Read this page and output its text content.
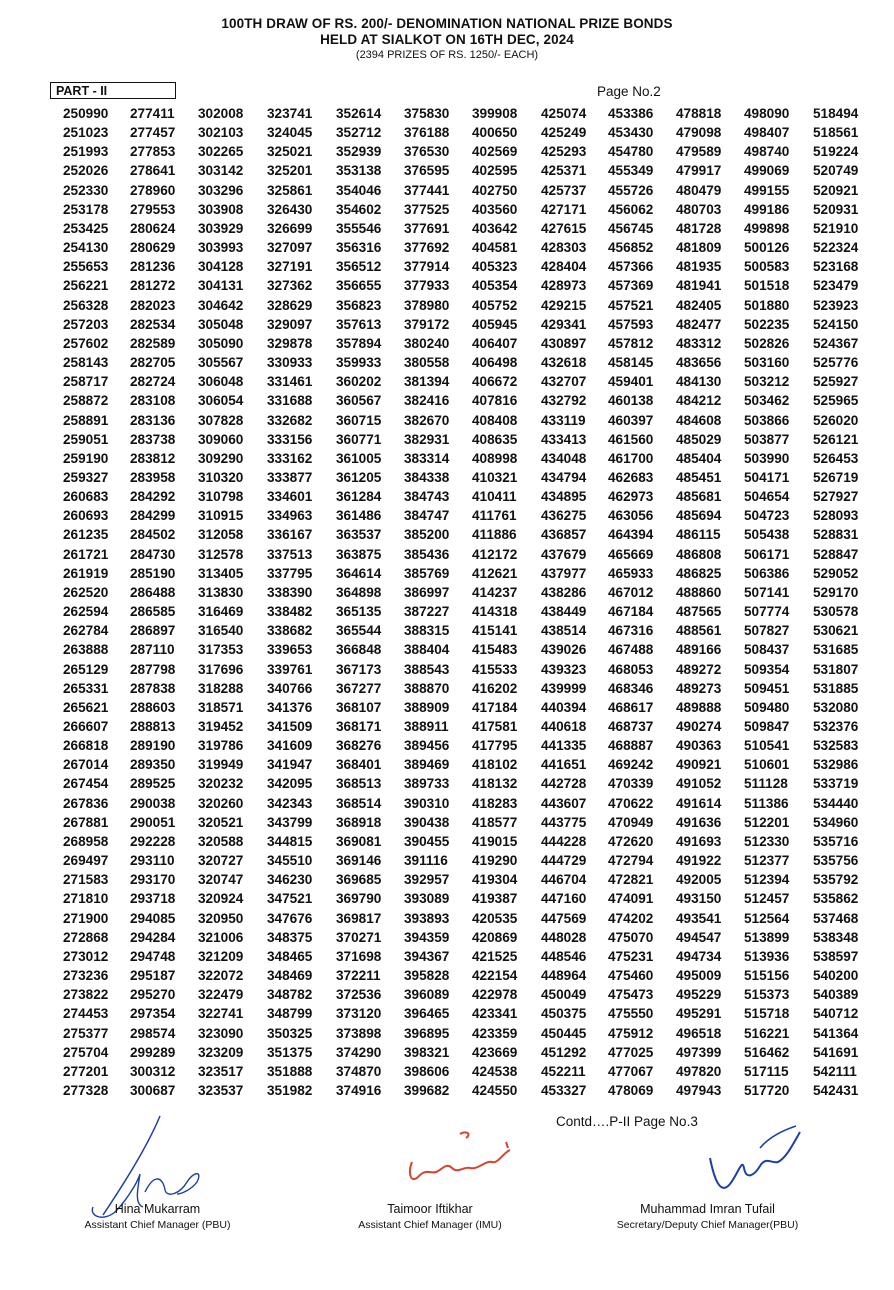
100TH DRAW OF RS. 200/- DENOMINATION NATIONAL PRIZE BONDS
HELD AT SIALKOT ON 16TH DEC, 2024
(2394 PRIZES OF RS. 1250/- EACH)
PART - II	Page No.2
250990 277411 302008 323741 352614 375830 399908 425074 453386 478818 498090 518494
251023 277457 302103 324045 352712 376188 400650 425249 453430 479098 498407 518561
251993 277853 302265 325021 352939 376530 402569 425293 454780 479589 498740 519224
252026 278641 303142 325201 353138 376595 402595 425371 455349 479917 499069 520749
252330 278960 303296 325861 354046 377441 402750 425737 455726 480479 499155 520921
253178 279553 303908 326430 354602 377525 403560 427171 456062 480703 499186 520931
253425 280624 303929 326699 355546 377691 403642 427615 456745 481728 499898 521910
254130 280629 303993 327097 356316 377692 404581 428303 456852 481809 500126 522324
255653 281236 304128 327191 356512 377914 405323 428404 457366 481935 500583 523168
256221 281272 304131 327362 356655 377933 405354 428973 457369 481941 501518 523479
256328 282023 304642 328629 356823 378980 405752 429215 457521 482405 501880 523923
257203 282534 305048 329097 357613 379172 405945 429341 457593 482477 502235 524150
257602 282589 305090 329878 357894 380240 406407 430897 457812 483312 502826 524367
258143 282705 305567 330933 359933 380558 406498 432618 458145 483656 503160 525776
258717 282724 306048 331461 360202 381394 406672 432707 459401 484130 503212 525927
258872 283108 306054 331688 360567 382416 407816 432792 460138 484212 503462 525965
258891 283136 307828 332682 360715 382670 408408 433119 460397 484608 503866 526020
259051 283738 309060 333156 360771 382931 408635 433413 461560 485029 503877 526121
259190 283812 309290 333162 361005 383314 408998 434048 461700 485404 503990 526453
259327 283958 310320 333877 361205 384338 410321 434794 462683 485451 504171 526719
260683 284292 310798 334601 361284 384743 410411 434895 462973 485681 504654 527927
260693 284299 310915 334963 361486 384747 411761 436275 463056 485694 504723 528093
261235 284502 312058 336167 363537 385200 411886 436857 464394 486115 505438 528831
261721 284730 312578 337513 363875 385436 412172 437679 465669 486808 506171 528847
261919 285190 313405 337795 364614 385769 412621 437977 465933 486825 506386 529052
262520 286488 313830 338390 364898 386997 414237 438286 467012 488860 507141 529170
262594 286585 316469 338482 365135 387227 414318 438449 467184 487565 507774 530578
262784 286897 316540 338682 365544 388315 415141 438514 467316 488561 507827 530621
263888 287110 317353 339653 366848 388404 415483 439026 467488 489166 508437 531685
265129 287798 317696 339761 367173 388543 415533 439323 468053 489272 509354 531807
265331 287838 318288 340766 367277 388870 416202 439999 468346 489273 509451 531885
265621 288603 318571 341376 368107 388909 417184 440394 468617 489888 509480 532080
266607 288813 319452 341509 368171 388911 417581 440618 468737 490274 509847 532376
266818 289190 319786 341609 368276 389456 417795 441335 468887 490363 510541 532583
267014 289350 319949 341947 368401 389469 418102 441651 469242 490921 510601 532986
267454 289525 320232 342095 368513 389733 418132 442728 470339 491052 511128 533719
267836 290038 320260 342343 368514 390310 418283 443607 470622 491614 511386 534440
267881 290051 320521 343799 368918 390438 418577 443775 470949 491636 512201 534960
268958 292228 320588 344815 369081 390455 419015 444228 472620 491693 512330 535716
269497 293110 320727 345510 369146 391116 419290 444729 472794 491922 512377 535756
271583 293170 320747 346230 369685 392957 419304 446704 472821 492005 512394 535792
271810 293718 320924 347521 369790 393089 419387 447160 474091 493150 512457 535862
271900 294085 320950 347676 369817 393893 420535 447569 474202 493541 512564 537468
272868 294284 321006 348375 370271 394359 420869 448028 475070 494547 513899 538348
273012 294748 321209 348465 371698 394367 421525 448546 475231 494734 513936 538597
273236 295187 322072 348469 372211 395828 422154 448964 475460 495009 515156 540200
273822 295270 322479 348782 372536 396089 422978 450049 475473 495229 515373 540389
274453 297354 322741 348799 373120 396465 423341 450375 475550 495291 515718 540712
275377 298574 323090 350325 373898 396895 423359 450445 475912 496518 516221 541364
275704 299289 323209 351375 374290 398321 423669 451292 477025 497399 516462 541691
277201 300312 323517 351888 374870 398606 424538 452211 477067 497820 517115 542111
277328 300687 323537 351982 374916 399682 424550 453327 478069 497943 517720 542431
Contd….P-II Page No.3
Hina Mukarram
Assistant Chief Manager (PBU)
Taimoor Iftikhar
Assistant Chief Manager (IMU)
Muhammad Imran Tufail
Secretary/Deputy Chief Manager(PBU)
